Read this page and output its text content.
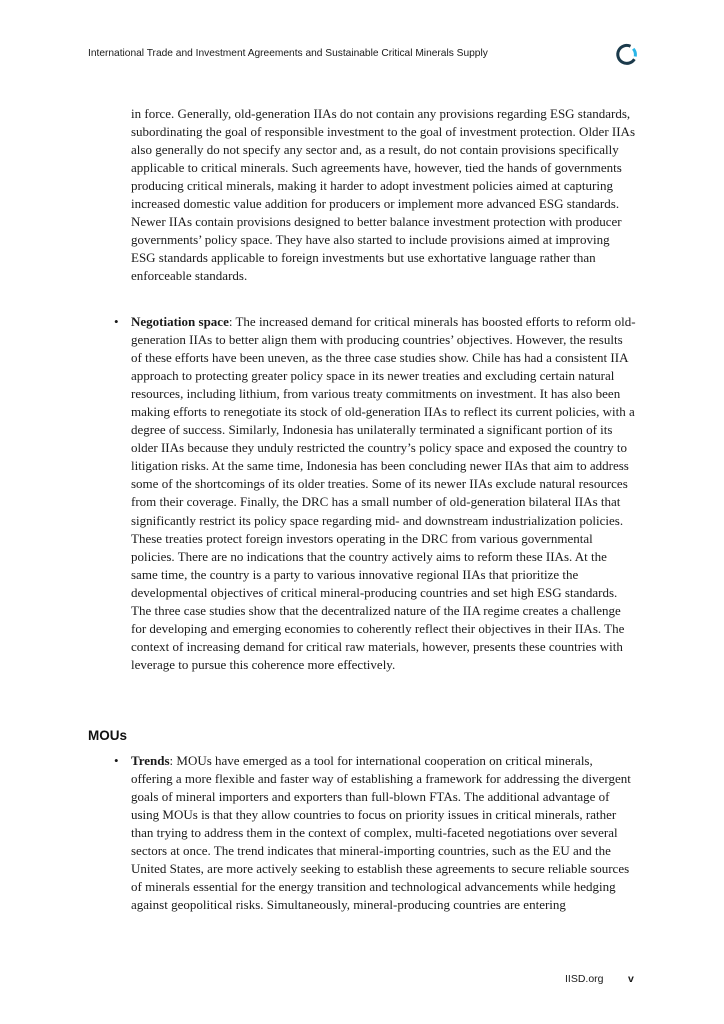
International Trade and Investment Agreements and Sustainable Critical Minerals Supply

in force. Generally, old-generation IIAs do not contain any provisions regarding ESG standards, subordinating the goal of responsible investment to the goal of investment protection. Older IIAs also generally do not specify any sector and, as a result, do not contain provisions specifically applicable to critical minerals. Such agreements have, however, tied the hands of governments producing critical minerals, making it harder to adopt investment policies aimed at capturing increased domestic value addition for producers or implement more advanced ESG standards. Newer IIAs contain provisions designed to better balance investment protection with producer governments’ policy space. They have also started to include provisions aimed at improving ESG standards applicable to foreign investments but use exhortative language rather than enforceable standards.

• Negotiation space: The increased demand for critical minerals has boosted efforts to reform old-generation IIAs to better align them with producing countries’ objectives. However, the results of these efforts have been uneven, as the three case studies show. Chile has had a consistent IIA approach to protecting greater policy space in its newer treaties and excluding certain natural resources, including lithium, from various treaty commitments on investment. It has also been making efforts to renegotiate its stock of old-generation IIAs to reflect its current policies, with a degree of success. Similarly, Indonesia has unilaterally terminated a significant portion of its older IIAs because they unduly restricted the country’s policy space and exposed the country to litigation risks. At the same time, Indonesia has been concluding newer IIAs that aim to address some of the shortcomings of its older treaties. Some of its newer IIAs exclude natural resources from their coverage. Finally, the DRC has a small number of old-generation bilateral IIAs that significantly restrict its policy space regarding mid- and downstream industrialization policies. These treaties protect foreign investors operating in the DRC from various governmental policies. There are no indications that the country actively aims to reform these IIAs. At the same time, the country is a party to various innovative regional IIAs that prioritize the developmental objectives of critical mineral-producing countries and set high ESG standards. The three case studies show that the decentralized nature of the IIA regime creates a challenge for developing and emerging economies to coherently reflect their objectives in their IIAs. The context of increasing demand for critical raw materials, however, presents these countries with leverage to pursue this coherence more effectively.

MOUs
• Trends: MOUs have emerged as a tool for international cooperation on critical minerals, offering a more flexible and faster way of establishing a framework for addressing the divergent goals of mineral importers and exporters than full-blown FTAs. The additional advantage of using MOUs is that they allow countries to focus on priority issues in critical minerals, rather than trying to address them in the context of complex, multi-faceted negotiations over several sectors at once. The trend indicates that mineral-importing countries, such as the EU and the United States, are more actively seeking to establish these agreements to secure reliable sources of minerals essential for the energy transition and technological advancements while hedging against geopolitical risks. Simultaneously, mineral-producing countries are entering

IISD.org v
